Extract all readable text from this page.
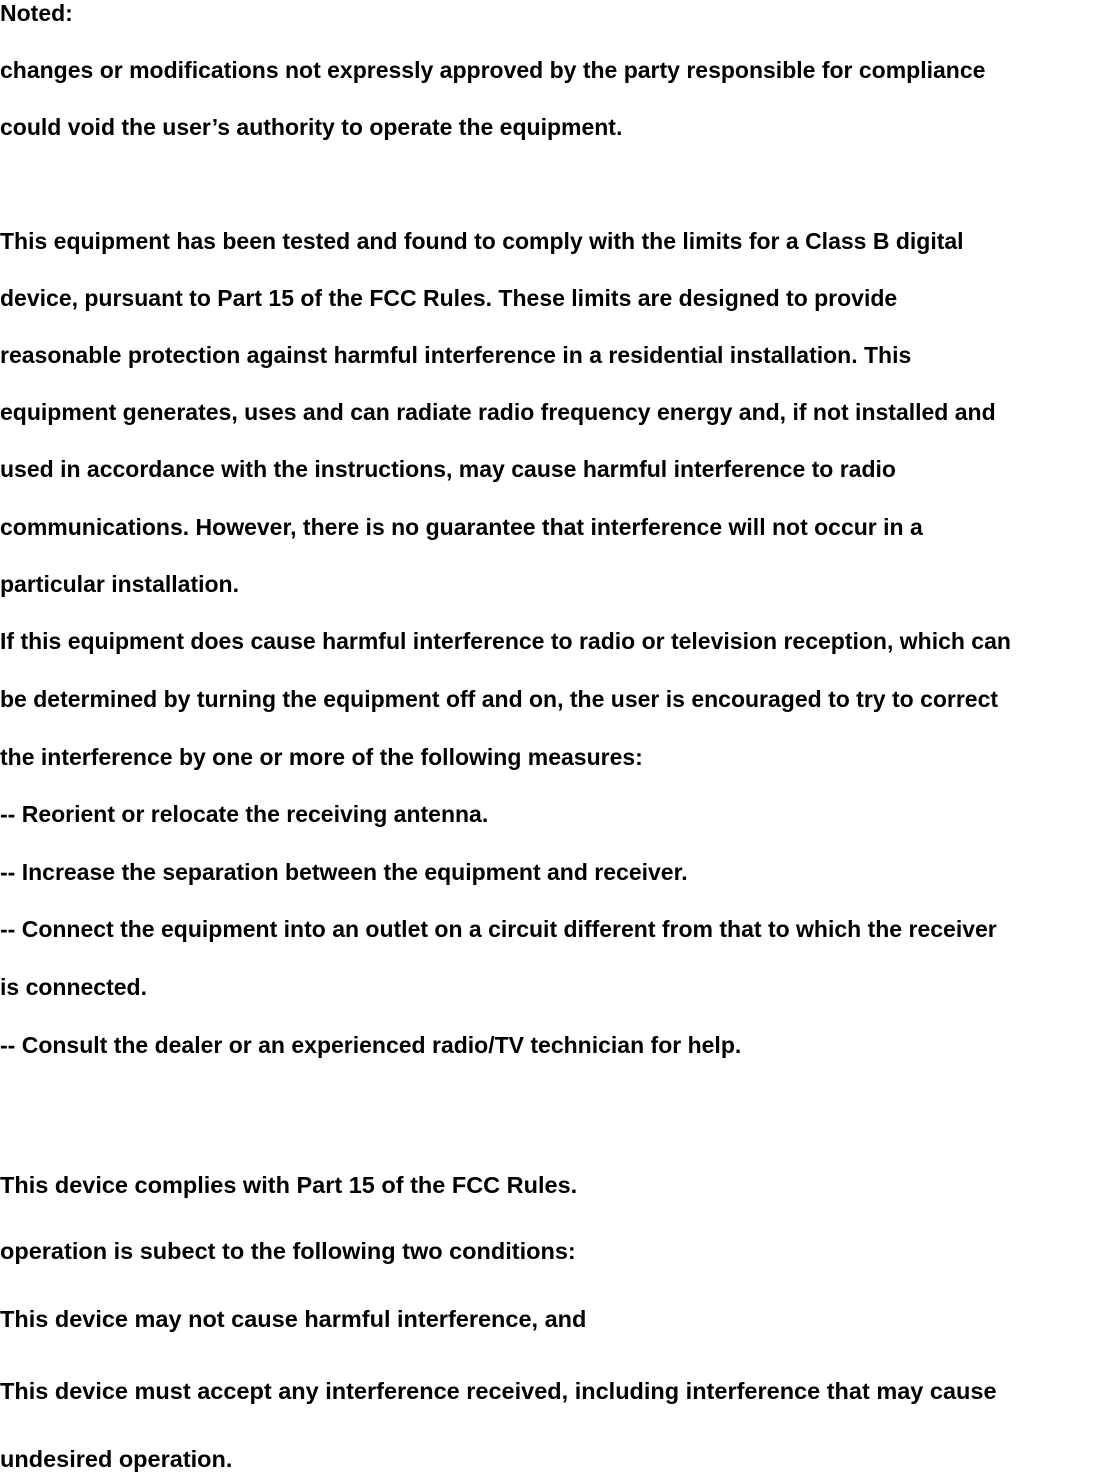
Noted:

changes or modifications not expressly approved by the party responsible for compliance

could void the user’s authority to operate the equipment.

This equipment has been tested and found to comply with the limits for a Class B digital

device, pursuant to Part 15 of the FCC Rules. These limits are designed to provide

reasonable protection against harmful interference in a residential installation. This

equipment generates, uses and can radiate radio frequency energy and, if not installed and

used in accordance with the instructions, may cause harmful interference to radio

communications. However, there is no guarantee that interference will not occur in a

particular installation.

If this equipment does cause harmful interference to radio or television reception, which can

be determined by turning the equipment off and on, the user is encouraged to try to correct

the interference by one or more of the following measures:

-- Reorient or relocate the receiving antenna.

-- Increase the separation between the equipment and receiver.

-- Connect the equipment into an outlet on a circuit different from that to which the receiver

is connected.

-- Consult the dealer or an experienced radio/TV technician for help.

This device complies with Part 15 of the FCC Rules.

operation is subect to the following two conditions:

This device may not cause harmful interference, and

This device must accept any interference received, including interference that may cause

undesired operation.
